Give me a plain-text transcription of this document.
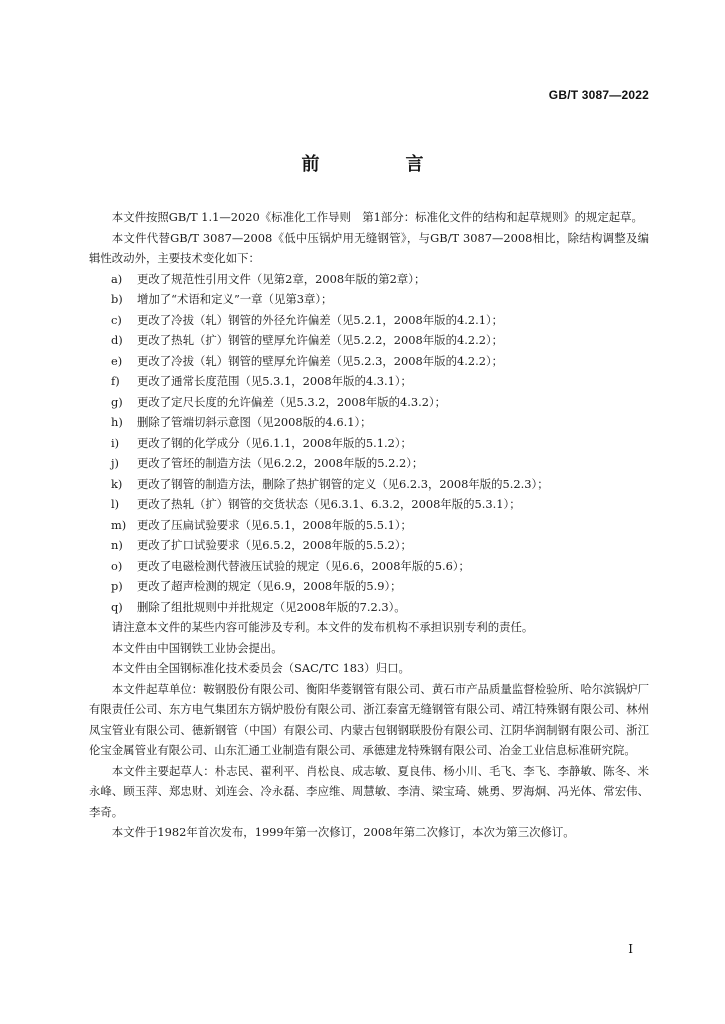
GB/T 3087—2022
前　言

本文件按照GB/T 1.1—2020《标准化工作导则　第1部分：标准化文件的结构和起草规则》的规定起草。

本文件代替GB/T 3087—2008《低中压锅炉用无缝钢管》，与GB/T 3087—2008相比，除结构调整及编辑性改动外，主要技术变化如下：

a)	更改了规范性引用文件（见第2章，2008年版的第2章）；
b)	增加了“术语和定义”一章（见第3章）；
c)	更改了冷拔（轧）钢管的外径允许偏差（见5.2.1，2008年版的4.2.1）；
d)	更改了热轧（扩）钢管的壁厚允许偏差（见5.2.2，2008年版的4.2.2）；
e)	更改了冷拔（轧）钢管的壁厚允许偏差（见5.2.3，2008年版的4.2.2）；
f)	更改了通常长度范围（见5.3.1，2008年版的4.3.1）；
g)	更改了定尺长度的允许偏差（见5.3.2，2008年版的4.3.2）；
h)	删除了管端切斜示意图（见2008版的4.6.1）；
i)	更改了钢的化学成分（见6.1.1，2008年版的5.1.2）；
j)	更改了管坯的制造方法（见6.2.2，2008年版的5.2.2）；
k)	更改了钢管的制造方法，删除了热扩钢管的定义（见6.2.3，2008年版的5.2.3）；
l)	更改了热轧（扩）钢管的交货状态（见6.3.1、6.3.2，2008年版的5.3.1）；
m) 更改了压扁试验要求（见6.5.1，2008年版的5.5.1）；
n)	更改了扩口试验要求（见6.5.2，2008年版的5.5.2）；
o)	更改了电磁检测代替液压试验的规定（见6.6，2008年版的5.6）；
p)	更改了超声检测的规定（见6.9，2008年版的5.9）；
q)	删除了组批规则中并批规定（见2008年版的7.2.3）。

请注意本文件的某些内容可能涉及专利。本文件的发布机构不承担识别专利的责任。

本文件由中国钢铁工业协会提出。

本文件由全国钢标准化技术委员会（SAC/TC 183）归口。

本文件起草单位：鞍钢股份有限公司、衡阳华菱钢管有限公司、黄石市产品质量监督检验所、哈尔滨锅炉厂有限责任公司、东方电气集团东方锅炉股份有限公司、浙江泰富无缝钢管有限公司、靖江特殊钢有限公司、林州凤宝管业有限公司、德新钢管（中国）有限公司、内蒙古包钢钢联股份有限公司、江阴华润制钢有限公司、浙江伦宝金属管业有限公司、山东汇通工业制造有限公司、承德建龙特殊钢有限公司、冶金工业信息标准研究院。

本文件主要起草人：朴志民、翟利平、肖松良、成志敏、夏良伟、杨小川、毛飞、李飞、李静敏、陈冬、米永峰、顾玉萍、郑忠财、刘连会、冷永磊、李应维、周慧敏、李清、梁宝琦、姚勇、罗海炯、冯光体、常宏伟、李奇。

本文件于1982年首次发布，1999年第一次修订，2008年第二次修订，本次为第三次修订。

I
